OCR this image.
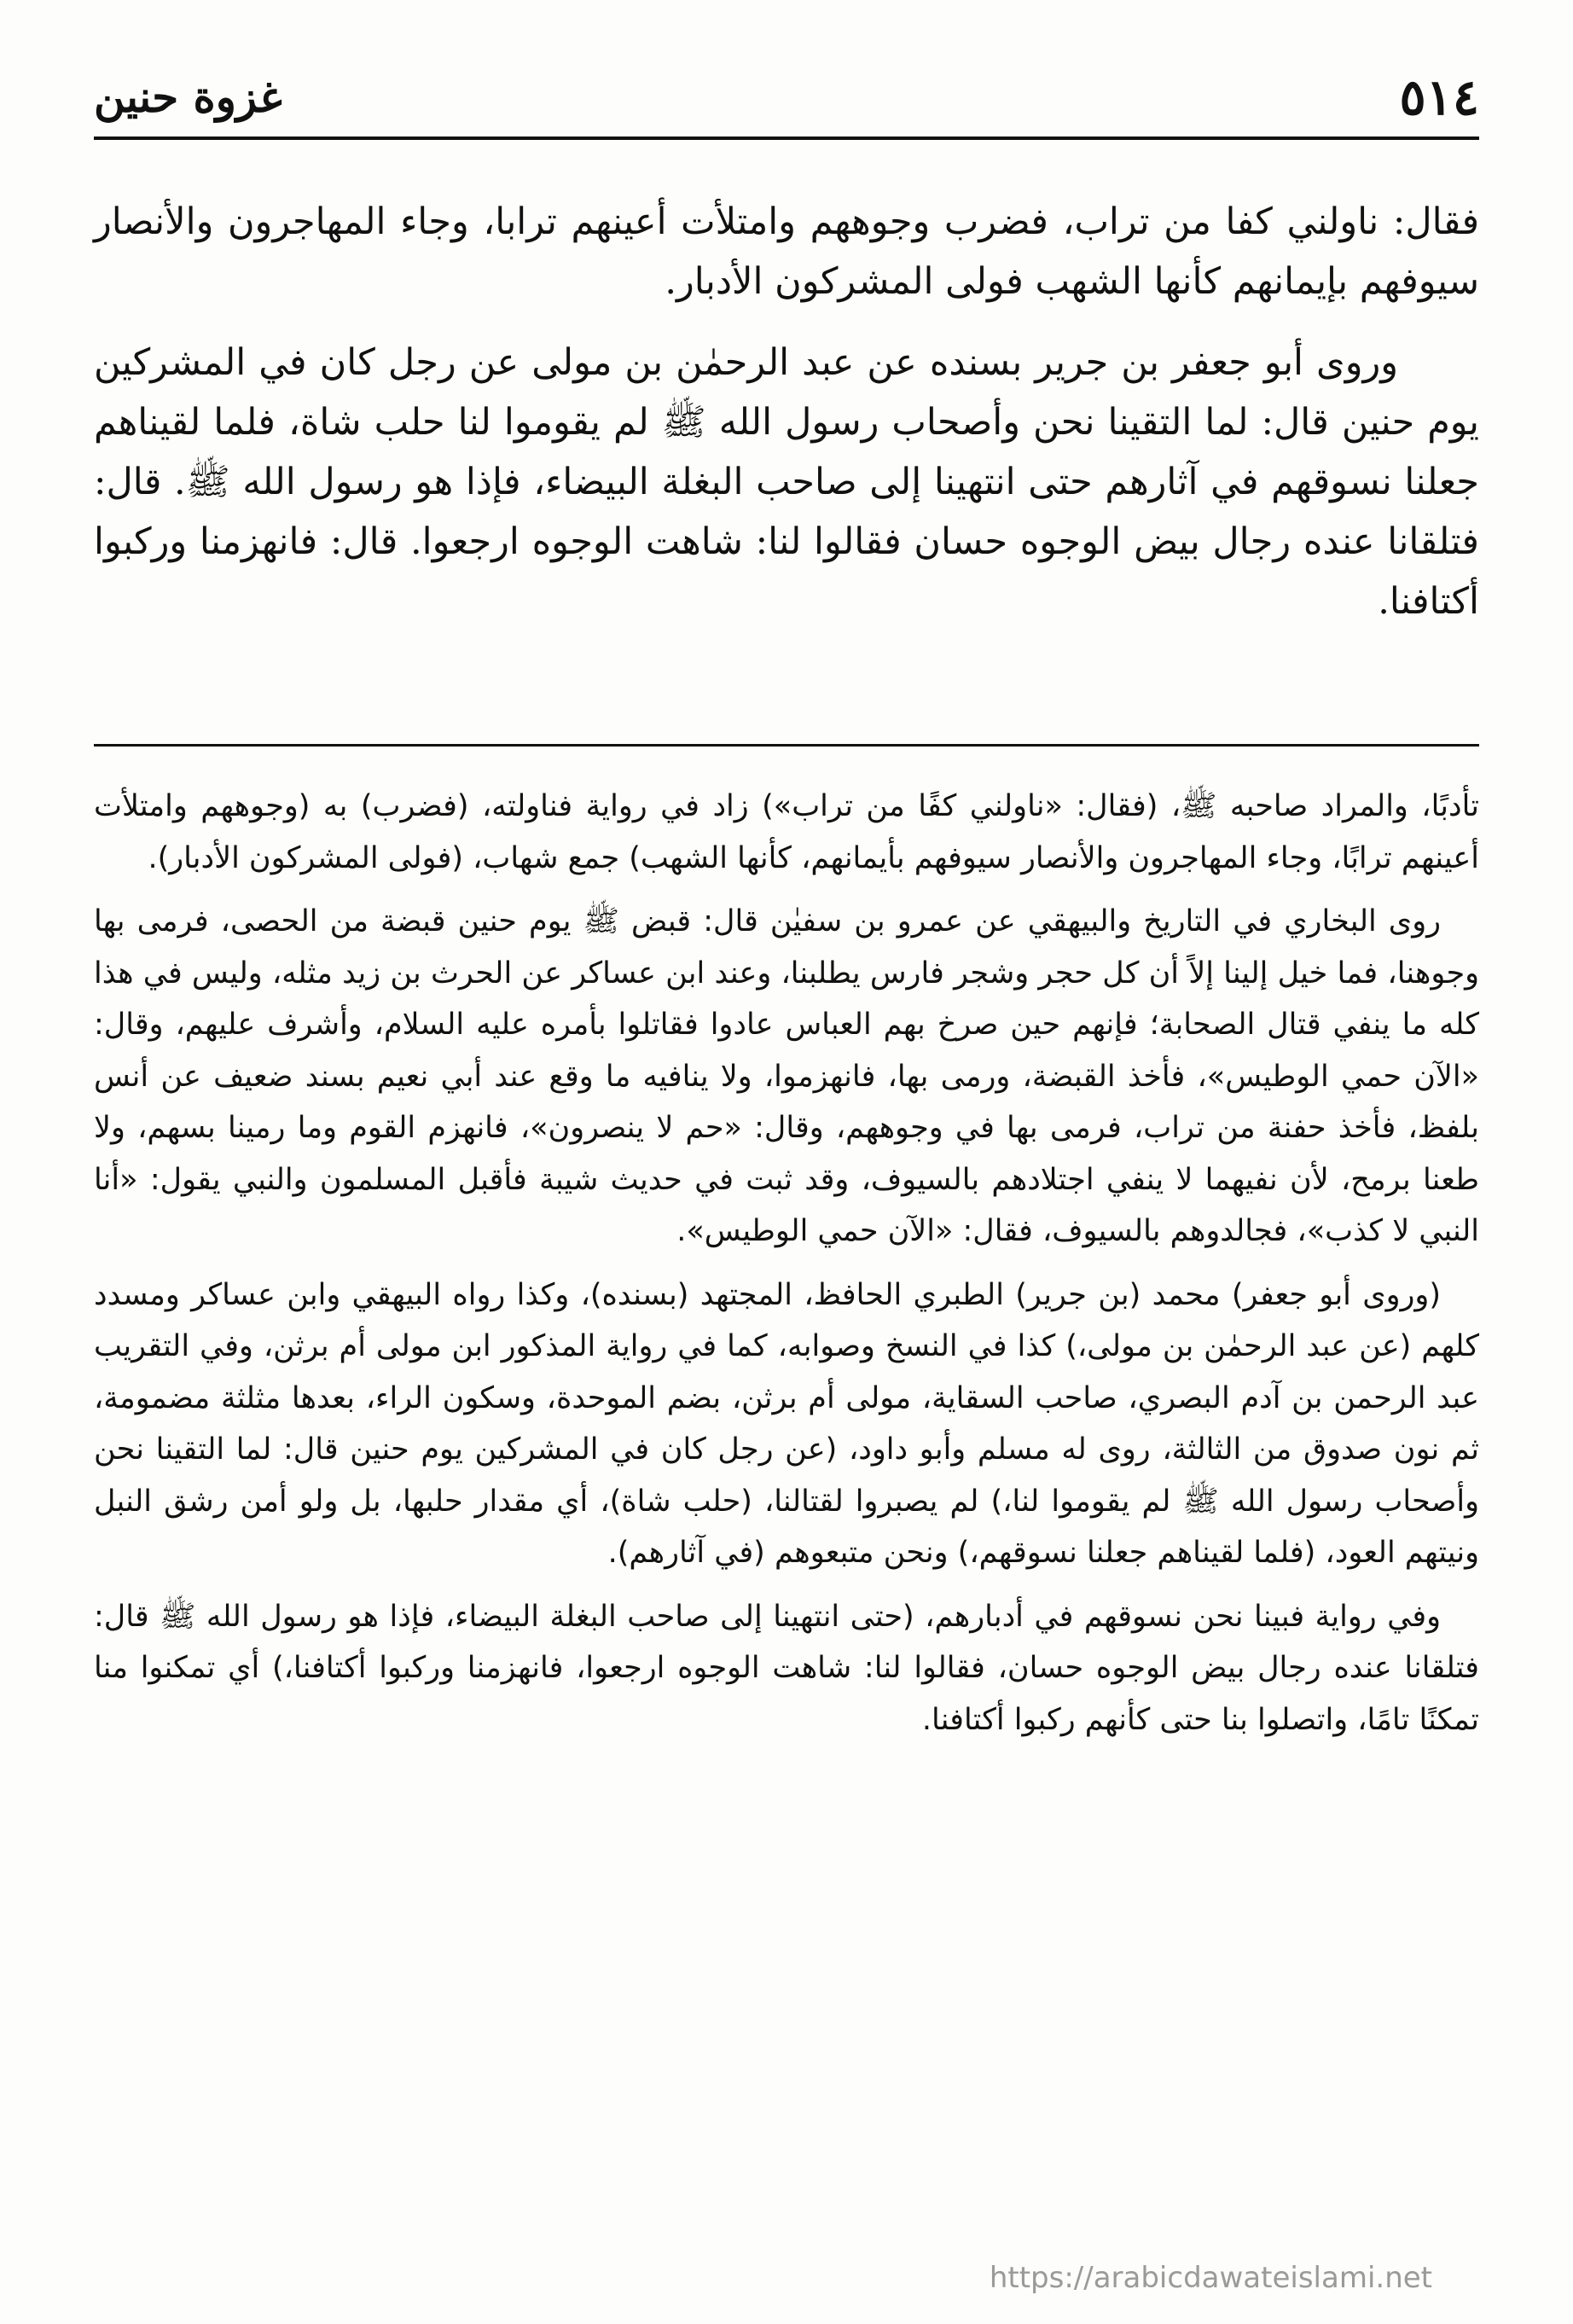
٥١٤
غزوة حنين

فقال: ناولني كفا من تراب، فضرب وجوههم وامتلأت أعينهم ترابا، وجاء المهاجرون والأنصار سيوفهم بإيمانهم كأنها الشهب فولى المشركون الأدبار.

وروى أبو جعفر بن جرير بسنده عن عبد الرحمٰن بن مولى عن رجل كان في المشركين يوم حنين قال: لما التقينا نحن وأصحاب رسول الله ﷺ لم يقوموا لنا حلب شاة، فلما لقيناهم جعلنا نسوقهم في آثارهم حتى انتهينا إلى صاحب البغلة البيضاء، فإذا هو رسول الله ﷺ. قال: فتلقانا عنده رجال بيض الوجوه حسان فقالوا لنا: شاهت الوجوه ارجعوا. قال: فانهزمنا وركبوا أكتافنا.

تأدبًا، والمراد صاحبه ﷺ، (فقال: «ناولني كفًا من تراب») زاد في رواية فناولته، (فضرب) به (وجوههم وامتلأت أعينهم ترابًا، وجاء المهاجرون والأنصار سيوفهم بأيمانهم، كأنها الشهب) جمع شهاب، (فولى المشركون الأدبار).

روى البخاري في التاريخ والبيهقي عن عمرو بن سفيٰن قال: قبض ﷺ يوم حنين قبضة من الحصى، فرمى بها وجوهنا، فما خيل إلينا إلاً أن كل حجر وشجر فارس يطلبنا، وعند ابن عساكر عن الحرث بن زيد مثله، وليس في هذا كله ما ينفي قتال الصحابة؛ فإنهم حين صرخ بهم العباس عادوا فقاتلوا بأمره عليه السلام، وأشرف عليهم، وقال: «الآن حمي الوطيس»، فأخذ القبضة، ورمى بها، فانهزموا، ولا ينافيه ما وقع عند أبي نعيم بسند ضعيف عن أنس بلفظ، فأخذ حفنة من تراب، فرمى بها في وجوههم، وقال: «حم لا ينصرون»، فانهزم القوم وما رمينا بسهم، ولا طعنا برمح، لأن نفيهما لا ينفي اجتلادهم بالسيوف، وقد ثبت في حديث شيبة فأقبل المسلمون والنبي يقول: «أنا النبي لا كذب»، فجالدوهم بالسيوف، فقال: «الآن حمي الوطيس».

(وروى أبو جعفر) محمد (بن جرير) الطبري الحافظ، المجتهد (بسنده)، وكذا رواه البيهقي وابن عساكر ومسدد كلهم (عن عبد الرحمٰن بن مولى،) كذا في النسخ وصوابه، كما في رواية المذكور ابن مولى أم برثن، وفي التقريب عبد الرحمن بن آدم البصري، صاحب السقاية، مولى أم برثن، بضم الموحدة، وسكون الراء، بعدها مثلثة مضمومة، ثم نون صدوق من الثالثة، روى له مسلم وأبو داود، (عن رجل كان في المشركين يوم حنين قال: لما التقينا نحن وأصحاب رسول الله ﷺ لم يقوموا لنا،) لم يصبروا لقتالنا، (حلب شاة)، أي مقدار حلبها، بل ولو أمن رشق النبل ونيتهم العود، (فلما لقيناهم جعلنا نسوقهم،) ونحن متبعوهم (في آثارهم).

وفي رواية فبينا نحن نسوقهم في أدبارهم، (حتى انتهينا إلى صاحب البغلة البيضاء، فإذا هو رسول الله ﷺ قال: فتلقانا عنده رجال بيض الوجوه حسان، فقالوا لنا: شاهت الوجوه ارجعوا، فانهزمنا وركبوا أكتافنا،) أي تمكنوا منا تمكنًا تامًا، واتصلوا بنا حتى كأنهم ركبوا أكتافنا.

https://arabicdawateislami.net
